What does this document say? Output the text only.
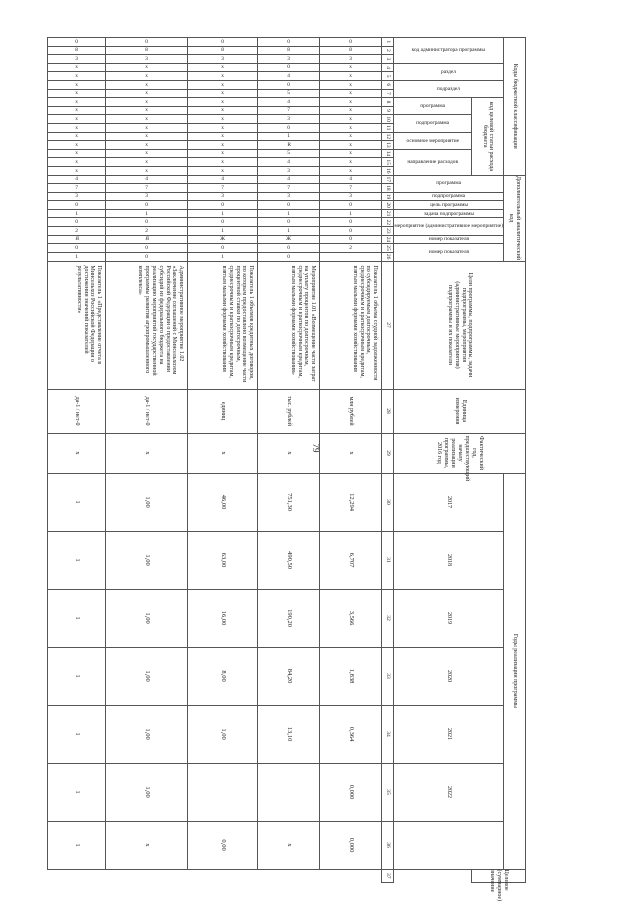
79
Коды бюджетной классификации																Дополнительный аналитический код										Цели программы, подпрограммы, задачи подпрограммы, мероприятия (административные мероприятия) подпрограммы и их показатели	Единица измерения	Фактический год, предшествующий началу реализации программы, 2016 год	Годы реализации программы							Целевое (суммарное) значение

код администратора программы			раздел		подраздел		код целевой статьи расхода бюджета									программа		подпрограмма	цель программы	задача подпрограммы	мероприятие (административное мероприятие)		номер показателя	номер показателя					2017	2018	2019	2020	2021	2022		

							программа		подпрограмма		основное мероприятие		направление расходов																							

1	2	3	4	5	6	7	8	9	10	11	12	13	14	15	16	17	18	19	20	21	22	23	24	25	26	27	28	29	30	31	32	33	34	35	36	37

0	8	3	х	х	х	х	х	х	х	х	х	х	х	х	х	4	7	3	0	1	0	0	0	2		Показатель 1 объема ссудной задолженности по субсидируемым долгосрочным, среднесрочным и краткосрочным кредитам, взятым малыми формами хозяйствования	млн рублей	х	12,294	6,707	3,566	1,838	0,364	0,000	0,000	

0	8	3	0	4	0	5	4	7	3	0	1	R	5	4	3	4	7	3	0	1	0	1	Ж	0	0	Мероприятие 1.01 «Возмещение части затрат на уплату процентов по долгосрочным, среднесрочным и краткосрочным кредитам, взятым малыми формами хозяйствования»	тыс. рублей	х	751,30	490,50	190,20	84,20	13,10		х	

0	8	3	х	х	х	х	х	х	х	х	х	х	х	х	х	4	7	3	0	1	0	1	Ж	0	1	Показатель 1 объемов кредитных договоров, по которым предоставлено возмещение части процентной ставки по долгосрочным, среднесрочным и краткосрочным кредитам, взятым малыми формами хозяйствования	единиц	х	46,00	63,00	16,00	8,00	1,00		0,00	

0	8	3	х	х	х	х	х	х	х	х	х	х	х	х	х	4	7	3	0	1	0	2	Я	0	0	Административное мероприятие 1.02 «Заключение соглашений с Минсельхозом Российской Федерации о предоставлении субсидий из федерального бюджета на реализацию мероприятий государственной программы развития агропромышленного комплекса»	да-1 / нет-0	х	1,00	1,00	1,00	1,00	1,00	1,00	х	

0	8	3	х	х	х	х	х	х	х	х	х	х	х	х	х	4	7	3	0	1	0	2	Я	0	1	Показатель 1 «Представление отчета в Минсельхоз Российской Федерации о достижении значений показателей результативности»	да-1 / нет-0	х	1	1	1	1	1	1	1	
